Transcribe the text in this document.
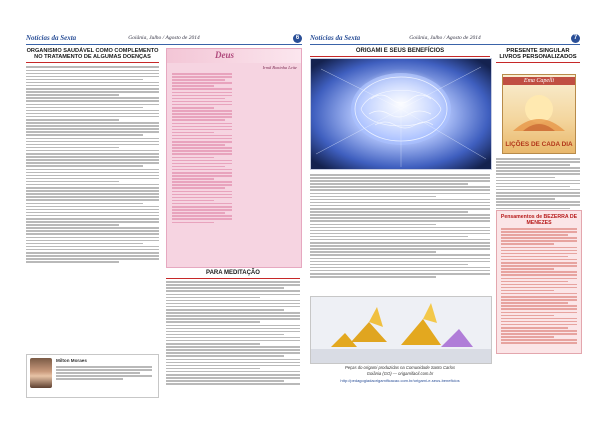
Notícias da Sexta	Goiânia, Julho / Agosto de 2014	6
ORGANISMO SAUDÁVEL COMO COMPLEMENTO NO TRATAMENTO DE ALGUMAS DOENÇAS
Milton Moraes
Deus
Irmã Boninha Leite
PARA MEDITAÇÃO
Notícias da Sexta	Goiânia, Julho / Agosto de 2014	7
ORIGAMI E SEUS BENEFÍCIOS
Peças do origami produzidas na Comunidade Santo Carlos
Goiânia (GO) — origamifacil.com.br
http://pedagogiadaorigamificacao.com.br/origami-e-seus-beneficios
PRESENTE SINGULAR LIVROS PERSONALIZADOS
Ema Capelli
LIÇÕES DE CADA DIA
Pensamentos de BEZERRA DE MENEZES
